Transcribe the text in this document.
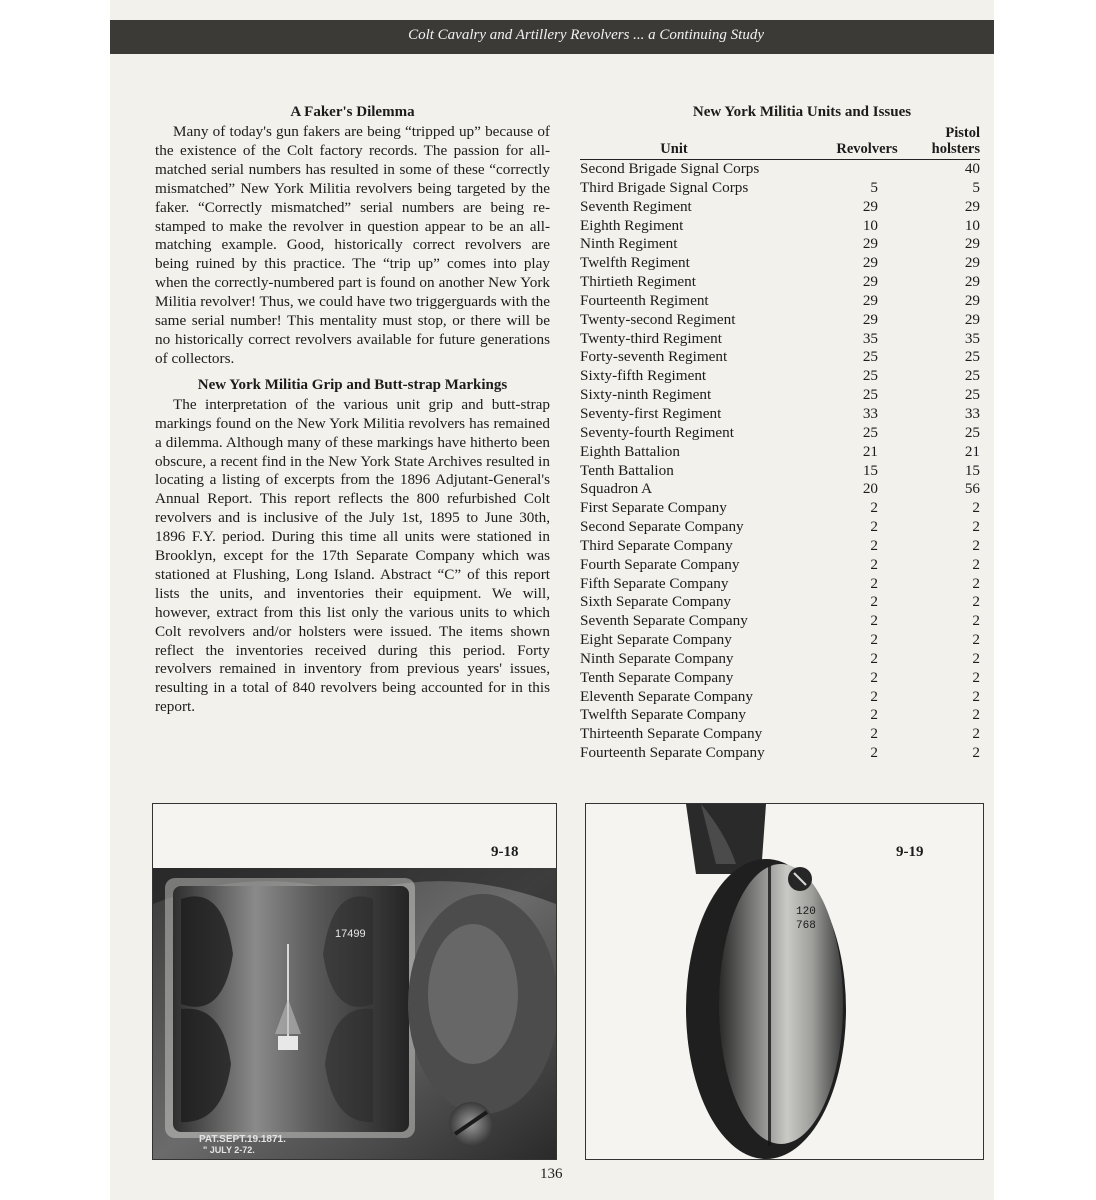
Colt Cavalry and Artillery Revolvers ... a Continuing Study

A Faker's Dilemma

Many of today's gun fakers are being “tripped up” because of the existence of the Colt factory records. The passion for all-matched serial numbers has resulted in some of these “correctly mismatched” New York Militia revolvers being targeted by the faker. “Correctly mismatched” serial numbers are being re-stamped to make the revolver in question appear to be an all-matching example. Good, historically correct revolvers are being ruined by this practice. The “trip up” comes into play when the correctly-numbered part is found on another New York Militia revolver! Thus, we could have two triggerguards with the same serial number! This mentality must stop, or there will be no historically correct revolvers available for future generations of collectors.

New York Militia Grip and Butt-strap Markings

The interpretation of the various unit grip and butt-strap markings found on the New York Militia revolvers has remained a dilemma. Although many of these markings have hitherto been obscure, a recent find in the New York State Archives resulted in locating a listing of excerpts from the 1896 Adjutant-General's Annual Report. This report reflects the 800 refurbished Colt revolvers and is inclusive of the July 1st, 1895 to June 30th, 1896 F.Y. period. During this time all units were stationed in Brooklyn, except for the 17th Separate Company which was stationed at Flushing, Long Island. Abstract “C” of this report lists the units, and inventories their equipment. We will, however, extract from this list only the various units to which Colt revolvers and/or holsters were issued. The items shown reflect the inventories received during this period. Forty revolvers remained in inventory from previous years' issues, resulting in a total of 840 revolvers being accounted for in this report.

New York Militia Units and Issues

Unit	Revolvers	Pistol
holsters
Second Brigade Signal Corps		40
Third Brigade Signal Corps	5	5
Seventh Regiment	29	29
Eighth Regiment	10	10
Ninth Regiment	29	29
Twelfth Regiment	29	29
Thirtieth Regiment	29	29
Fourteenth Regiment	29	29
Twenty-second Regiment	29	29
Twenty-third Regiment	35	35
Forty-seventh Regiment	25	25
Sixty-fifth Regiment	25	25
Sixty-ninth Regiment	25	25
Seventy-first Regiment	33	33
Seventy-fourth Regiment	25	25
Eighth Battalion	21	21
Tenth Battalion	15	15
Squadron A	20	56
First Separate Company	2	2
Second Separate Company	2	2
Third Separate Company	2	2
Fourth Separate Company	2	2
Fifth Separate Company	2	2
Sixth Separate Company	2	2
Seventh Separate Company	2	2
Eight Separate Company	2	2
Ninth Separate Company	2	2
Tenth Separate Company	2	2
Eleventh Separate Company	2	2
Twelfth Separate Company	2	2
Thirteenth Separate Company	2	2
Fourteenth Separate Company	2	2
17499
PAT.SEPT.19.1871.
" JULY 2-72.
9-18
120
768
9-19
136
